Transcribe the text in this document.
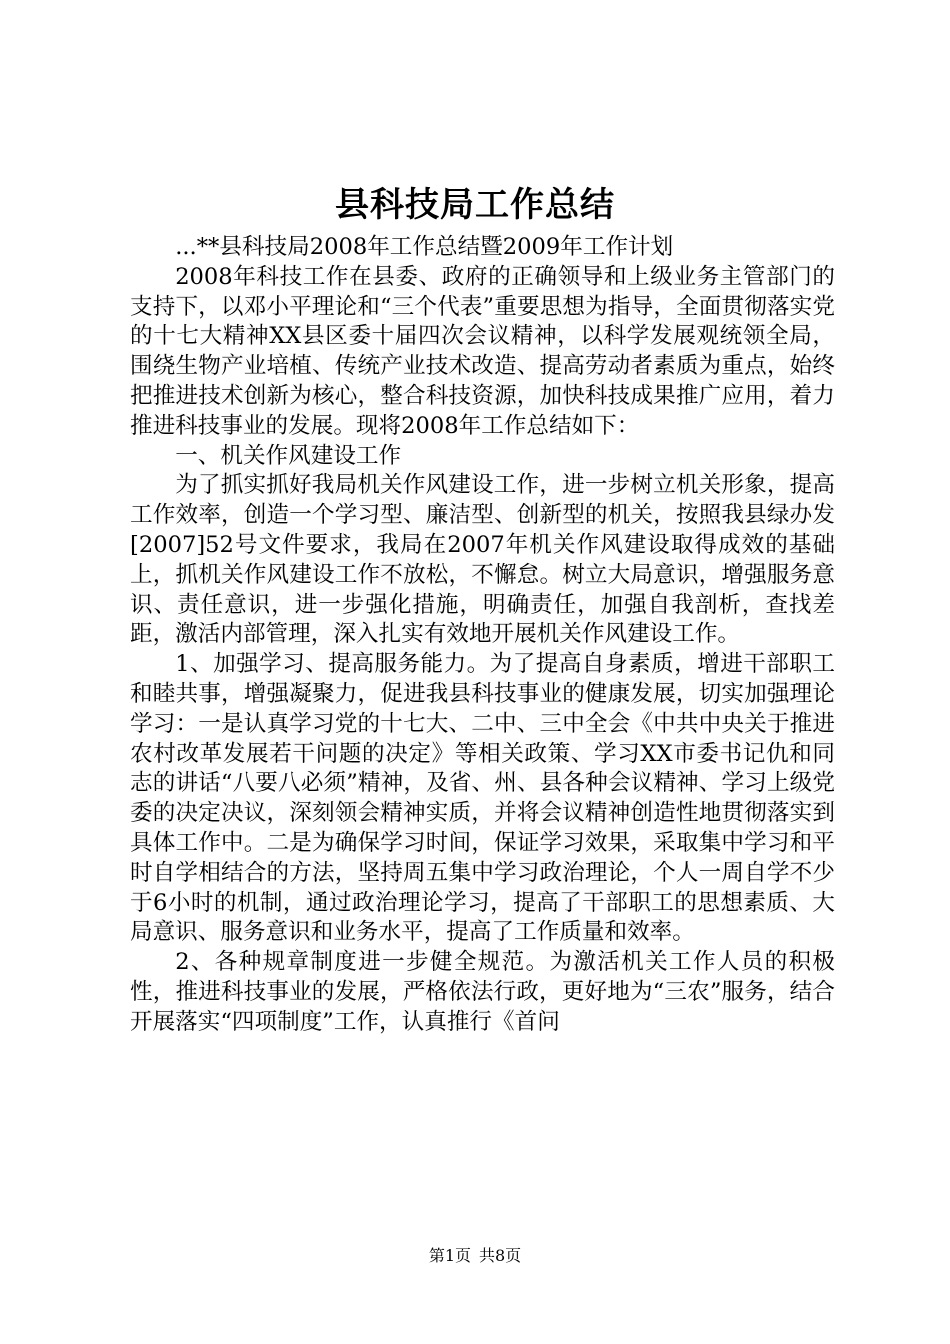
县科技局工作总结

...**县科技局2008年工作总结暨2009年工作计划

2008年科技工作在县委、政府的正确领导和上级业务主管部门的支持下，以邓小平理论和“三个代表”重要思想为指导，全面贯彻落实党的十七大精神XX县区委十届四次会议精神，以科学发展观统领全局，围绕生物产业培植、传统产业技术改造、提高劳动者素质为重点，始终把推进技术创新为核心，整合科技资源，加快科技成果推广应用，着力推进科技事业的发展。现将2008年工作总结如下：

一、机关作风建设工作

为了抓实抓好我局机关作风建设工作，进一步树立机关形象，提高工作效率，创造一个学习型、廉洁型、创新型的机关，按照我县绿办发[2007]52号文件要求，我局在2007年机关作风建设取得成效的基础上，抓机关作风建设工作不放松，不懈怠。树立大局意识，增强服务意识、责任意识，进一步强化措施，明确责任，加强自我剖析，查找差距，激活内部管理，深入扎实有效地开展机关作风建设工作。

1、加强学习、提高服务能力。为了提高自身素质，增进干部职工和睦共事，增强凝聚力，促进我县科技事业的健康发展，切实加强理论学习：一是认真学习党的十七大、二中、三中全会《中共中央关于推进农村改革发展若干问题的决定》等相关政策、学习XX市委书记仇和同志的讲话“八要八必须”精神，及省、州、县各种会议精神、学习上级党委的决定决议，深刻领会精神实质，并将会议精神创造性地贯彻落实到具体工作中。二是为确保学习时间，保证学习效果，采取集中学习和平时自学相结合的方法，坚持周五集中学习政治理论，个人一周自学不少于6小时的机制，通过政治理论学习，提高了干部职工的思想素质、大局意识、服务意识和业务水平，提高了工作质量和效率。

2、各种规章制度进一步健全规范。为激活机关工作人员的积极性，推进科技事业的发展，严格依法行政，更好地为“三农”服务，结合开展落实“四项制度”工作，认真推行《首问

第1页 共8页
